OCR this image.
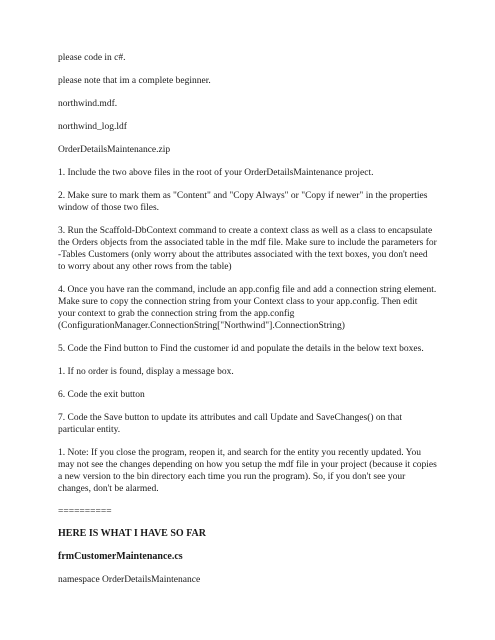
please code in c#.

please note that im a complete beginner.

northwind.mdf.

northwind_log.ldf

OrderDetailsMaintenance.zip

1. Include the two above files in the root of your OrderDetailsMaintenance project.

2. Make sure to mark them as "Content" and "Copy Always" or "Copy if newer" in the properties window of those two files.

3. Run the Scaffold-DbContext command to create a context class as well as a class to encapsulate the Orders objects from the associated table in the mdf file. Make sure to include the parameters for -Tables Customers (only worry about the attributes associated with the text boxes, you don't need to worry about any other rows from the table)

4. Once you have ran the command, include an app.config file and add a connection string element. Make sure to copy the connection string from your Context class to your app.config. Then edit your context to grab the connection string from the app.config (ConfigurationManager.ConnectionString["Northwind"].ConnectionString)

5. Code the Find button to Find the customer id and populate the details in the below text boxes.

1. If no order is found, display a message box.

6. Code the exit button

7. Code the Save button to update its attributes and call Update and SaveChanges() on that particular entity.

1. Note: If you close the program, reopen it, and search for the entity you recently updated. You may not see the changes depending on how you setup the mdf file in your project (because it copies a new version to the bin directory each time you run the program). So, if you don't see your changes, don't be alarmed.

==========

HERE IS WHAT I HAVE SO FAR

frmCustomerMaintenance.cs

namespace OrderDetailsMaintenance
